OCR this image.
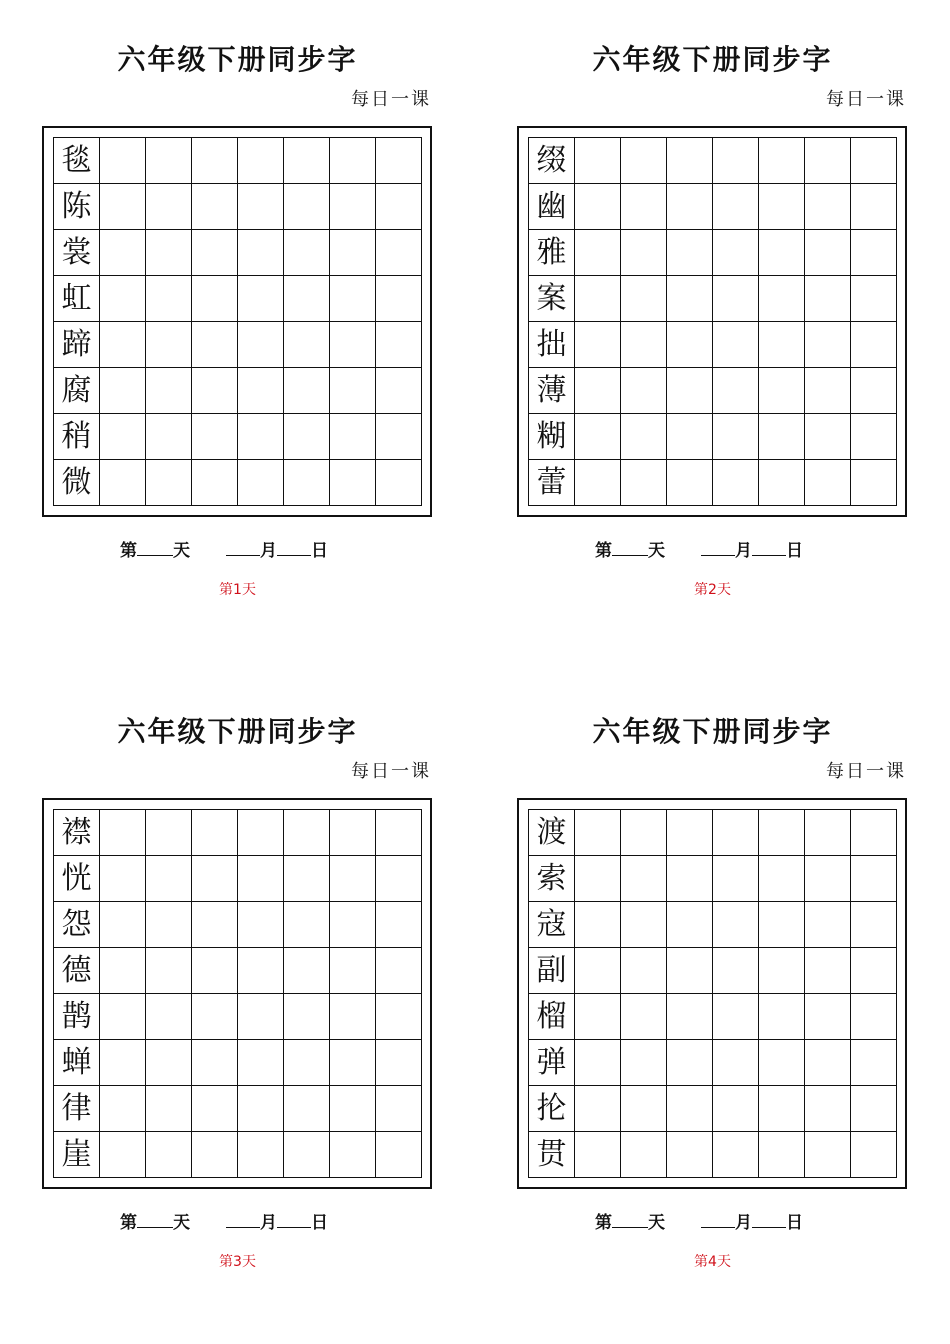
六年级下册同步字
每日一课
毯
陈
裳
虹
蹄
腐
稍
微
第 天	月 日
第1天
六年级下册同步字
每日一课
缀
幽
雅
案
拙
薄
糊
蕾
第 天	月 日
第2天
六年级下册同步字
每日一课
襟
恍
怨
德
鹊
蝉
律
崖
第 天	月 日
第3天
六年级下册同步字
每日一课
渡
索
寇
副
榴
弹
抡
贯
第 天	月 日
第4天
